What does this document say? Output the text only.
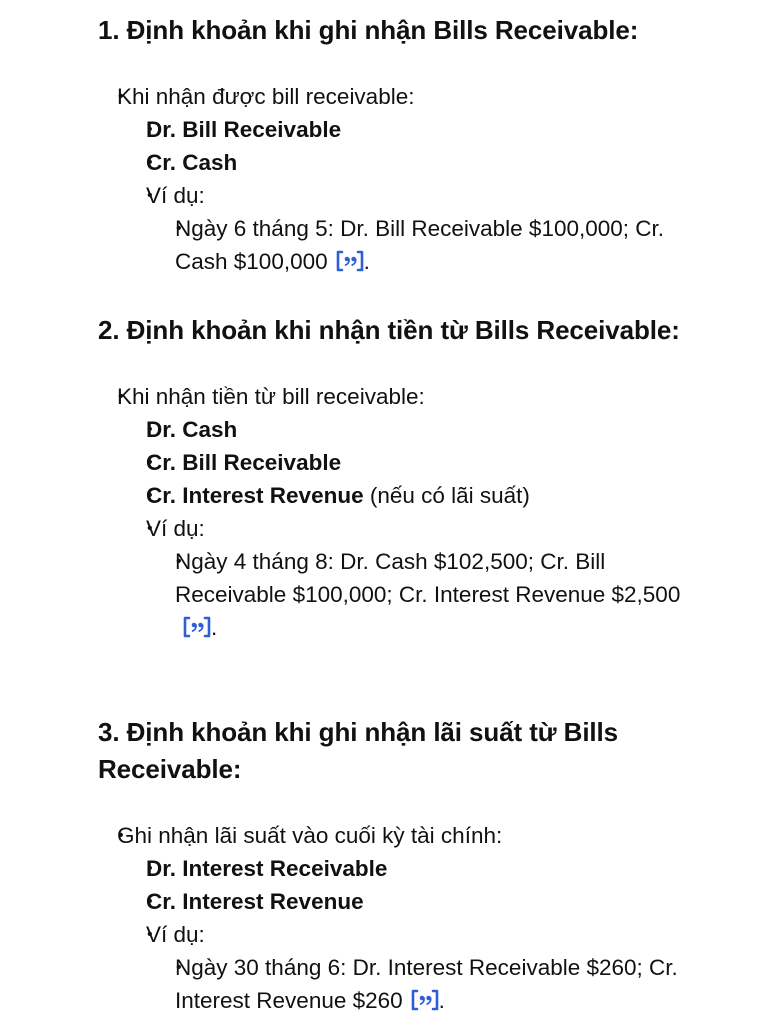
1. Định khoản khi ghi nhận Bills Receivable:
• Khi nhận được bill receivable:
• Dr. Bill Receivable
• Cr. Cash
• Ví dụ:
• Ngày 6 tháng 5: Dr. Bill Receivable $100,000; Cr. Cash $100,000 .
2. Định khoản khi nhận tiền từ Bills Receivable:
• Khi nhận tiền từ bill receivable:
• Dr. Cash
• Cr. Bill Receivable
• Cr. Interest Revenue (nếu có lãi suất)
• Ví dụ:
• Ngày 4 tháng 8: Dr. Cash $102,500; Cr. Bill Receivable $100,000; Cr. Interest Revenue $2,500
.
3. Định khoản khi ghi nhận lãi suất từ Bills Receivable:
• Ghi nhận lãi suất vào cuối kỳ tài chính:
• Dr. Interest Receivable
• Cr. Interest Revenue
• Ví dụ:
• Ngày 30 tháng 6: Dr. Interest Receivable $260; Cr. Interest Revenue $260 .
